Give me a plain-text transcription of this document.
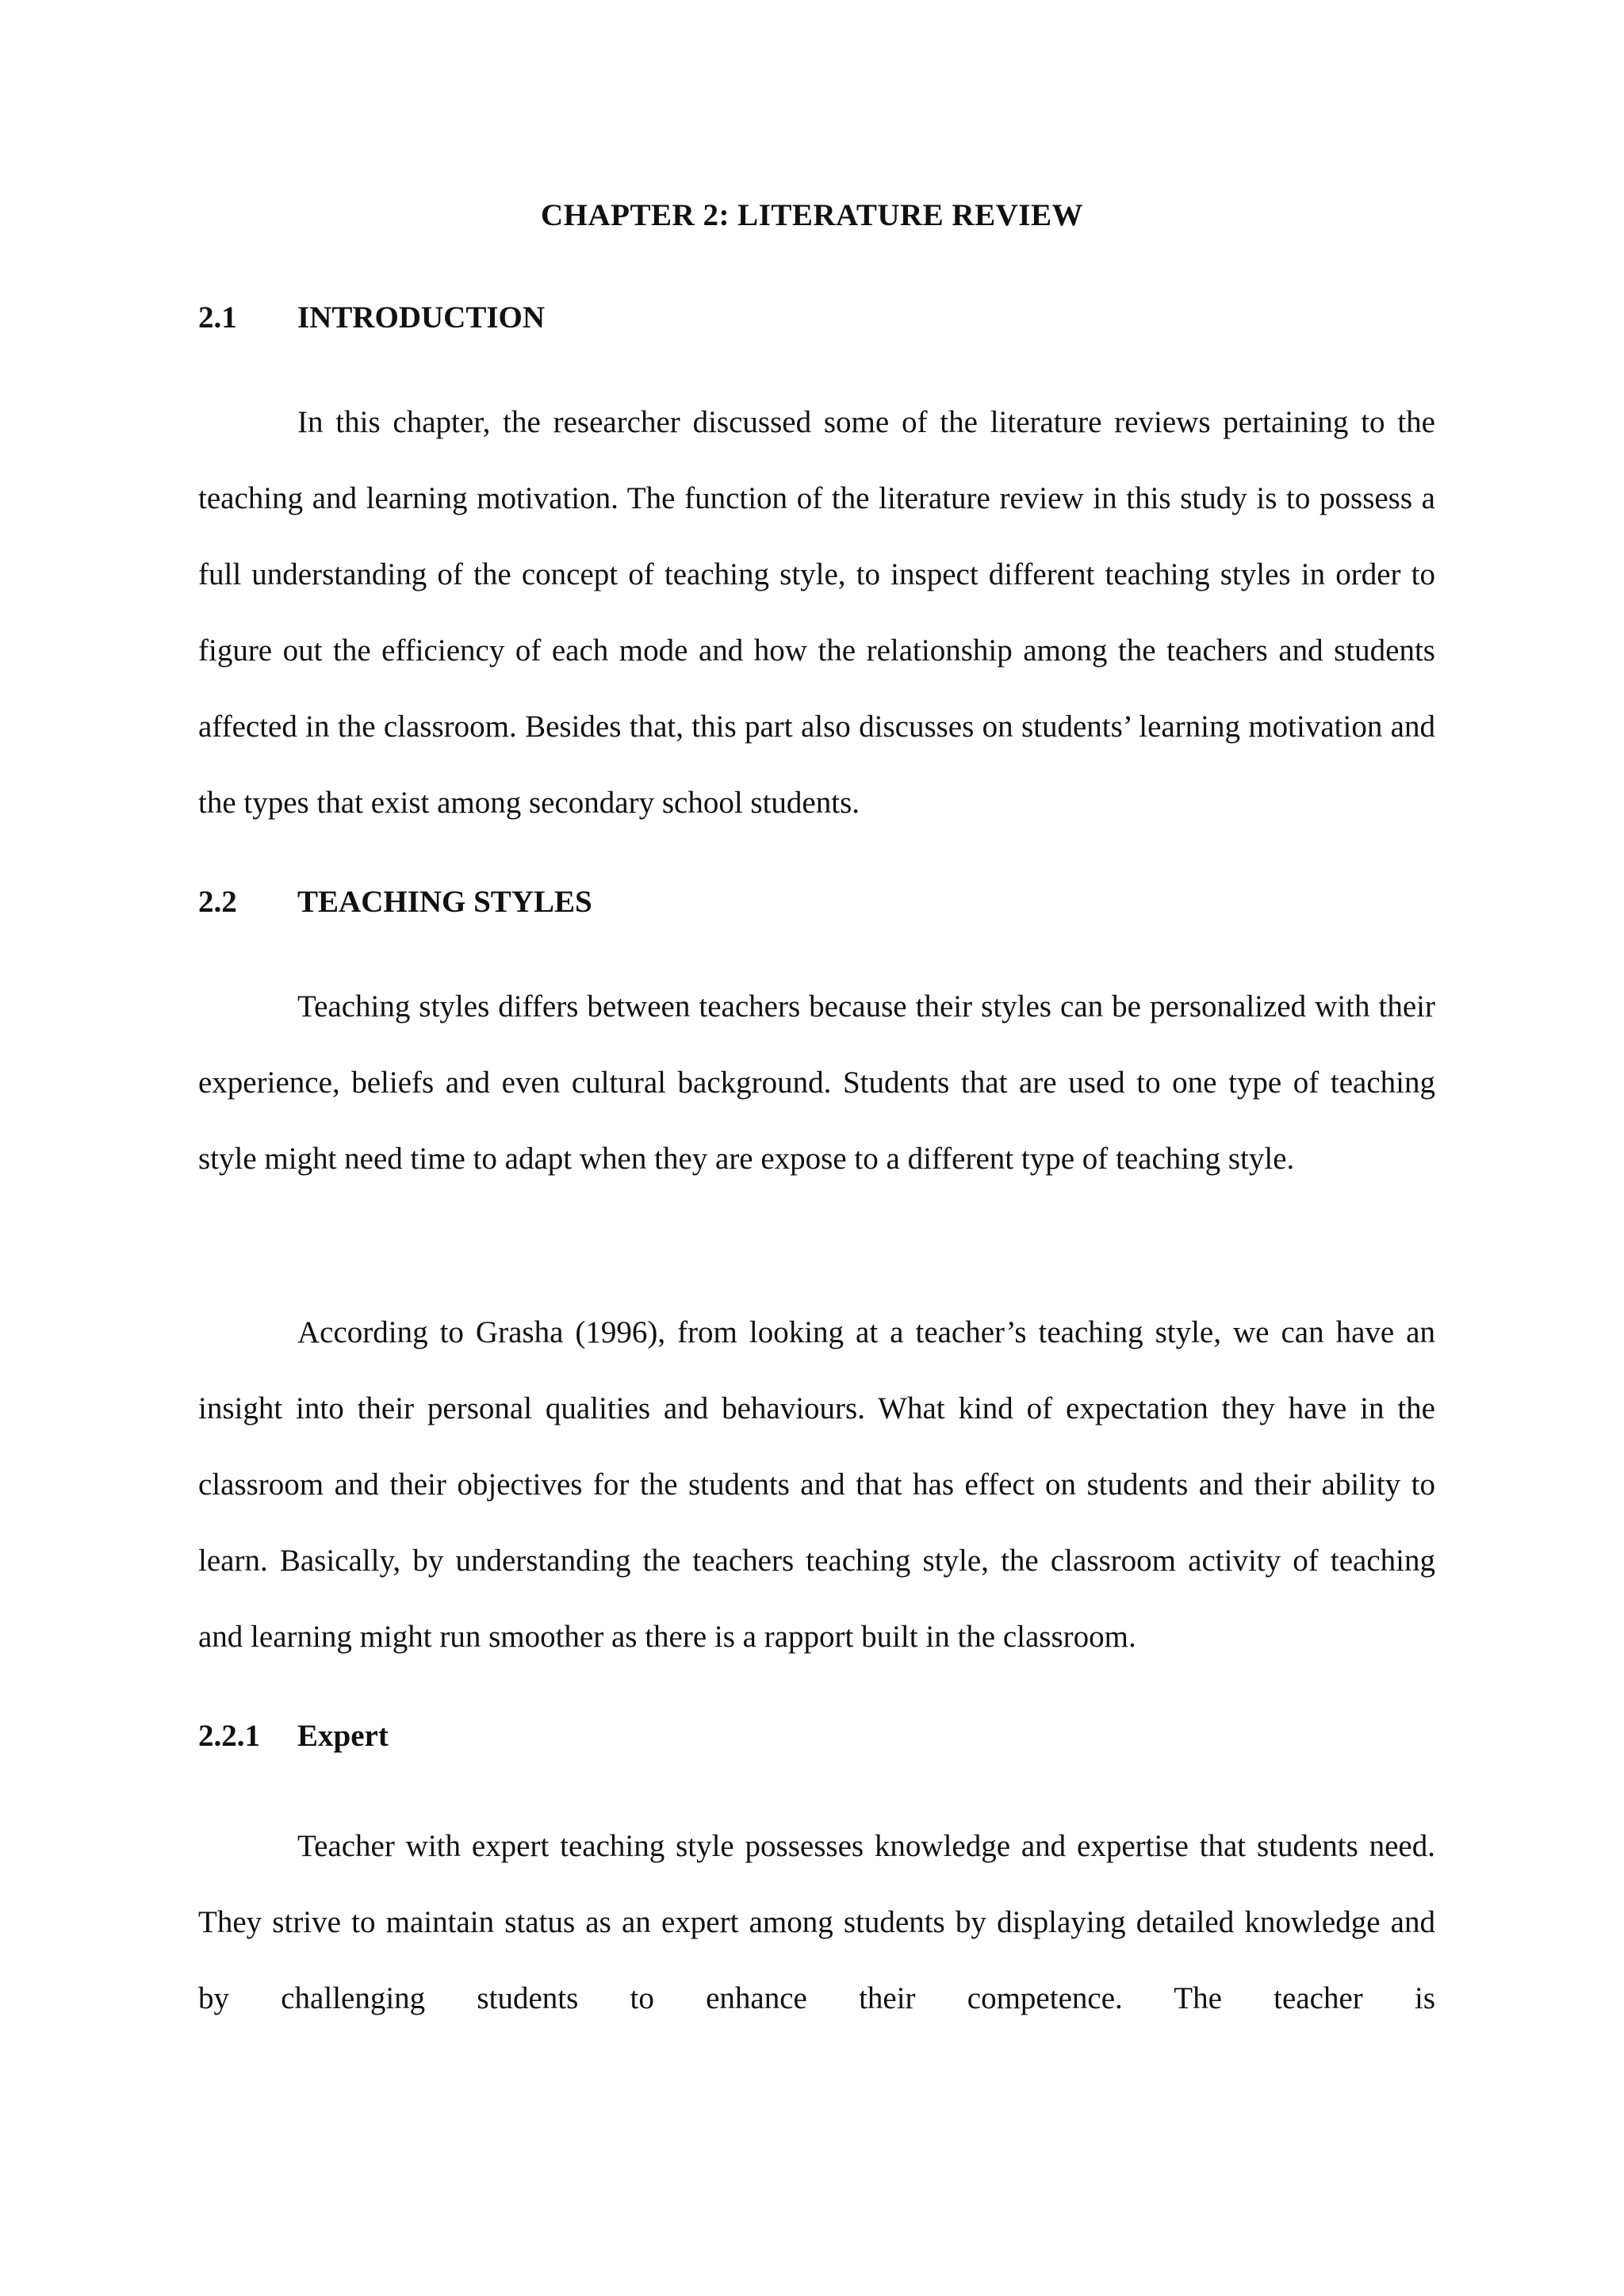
CHAPTER 2: LITERATURE REVIEW
2.1 INTRODUCTION

In this chapter, the researcher discussed some of the literature reviews pertaining to the teaching and learning motivation. The function of the literature review in this study is to possess a full understanding of the concept of teaching style, to inspect different teaching styles in order to figure out the efficiency of each mode and how the relationship among the teachers and students affected in the classroom. Besides that, this part also discusses on students’ learning motivation and the types that exist among secondary school students.

2.2 TEACHING STYLES

Teaching styles differs between teachers because their styles can be personalized with their experience, beliefs and even cultural background. Students that are used to one type of teaching style might need time to adapt when they are expose to a different type of teaching style.

According to Grasha (1996), from looking at a teacher’s teaching style, we can have an insight into their personal qualities and behaviours. What kind of expectation they have in the classroom and their objectives for the students and that has effect on students and their ability to learn. Basically, by understanding the teachers teaching style, the classroom activity of teaching and learning might run smoother as there is a rapport built in the classroom.

2.2.1 Expert

Teacher with expert teaching style possesses knowledge and expertise that students need. They strive to maintain status as an expert among students by displaying detailed knowledge and by challenging students to enhance their competence. The teacher is
